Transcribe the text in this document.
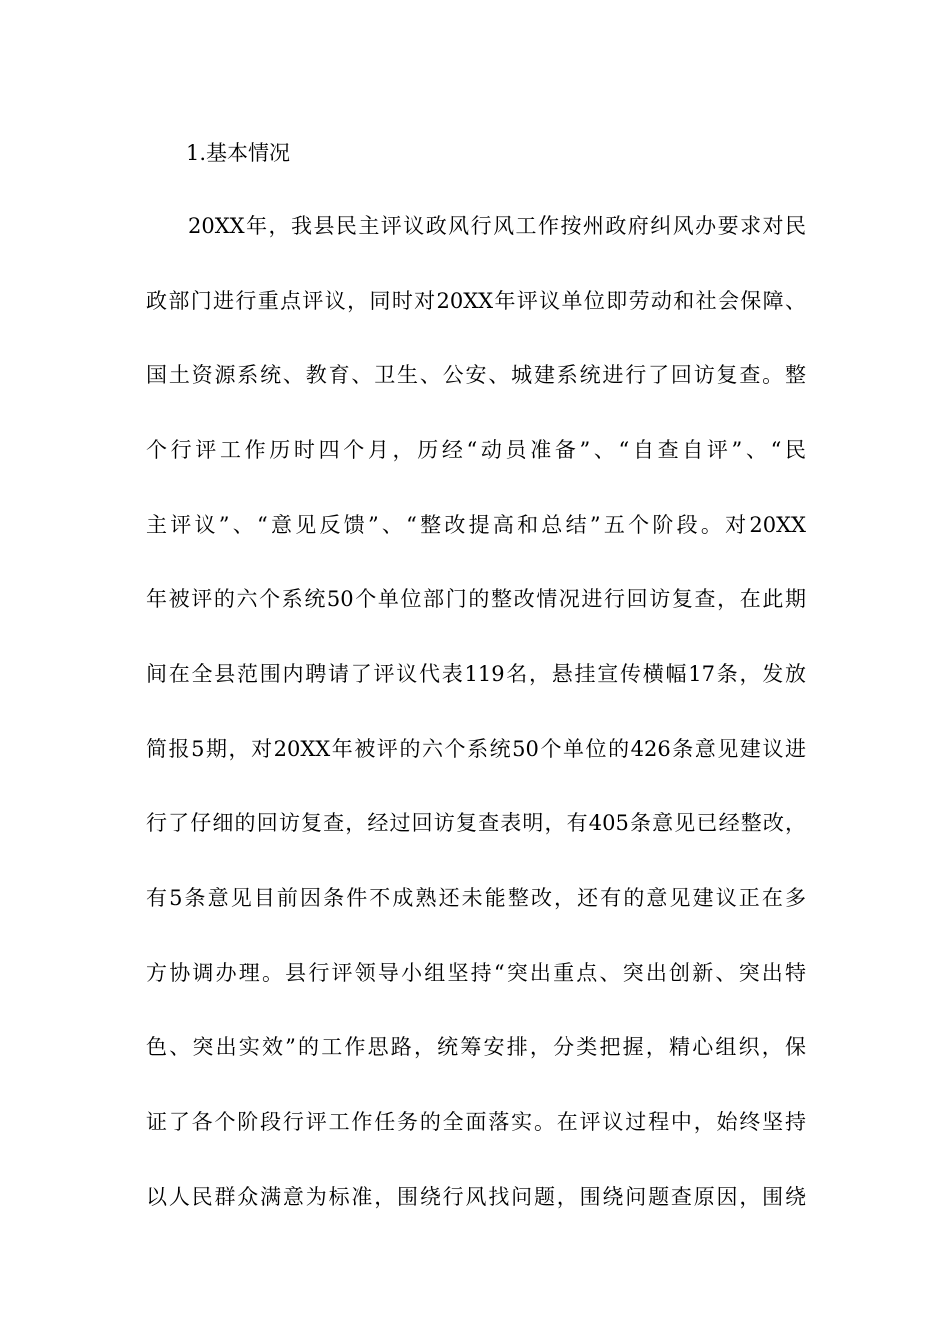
1.基本情况
20XX年，我县民主评议政风行风工作按州政府纠风办要求对民
政部门进行重点评议，同时对20XX年评议单位即劳动和社会保障、
国土资源系统、教育、卫生、公安、城建系统进行了回访复查。整
个行评工作历时四个月，历经“动员准备”、“自查自评”、“民
主评议”、“意见反馈”、“整改提高和总结”五个阶段。对20XX
年被评的六个系统50个单位部门的整改情况进行回访复查，在此期
间在全县范围内聘请了评议代表119名，悬挂宣传横幅17条，发放
简报5期，对20XX年被评的六个系统50个单位的426条意见建议进
行了仔细的回访复查，经过回访复查表明，有405条意见已经整改，
有5条意见目前因条件不成熟还未能整改，还有的意见建议正在多
方协调办理。县行评领导小组坚持“突出重点、突出创新、突出特
色、突出实效”的工作思路，统筹安排，分类把握，精心组织，保
证了各个阶段行评工作任务的全面落实。在评议过程中，始终坚持
以人民群众满意为标准，围绕行风找问题，围绕问题查原因，围绕
